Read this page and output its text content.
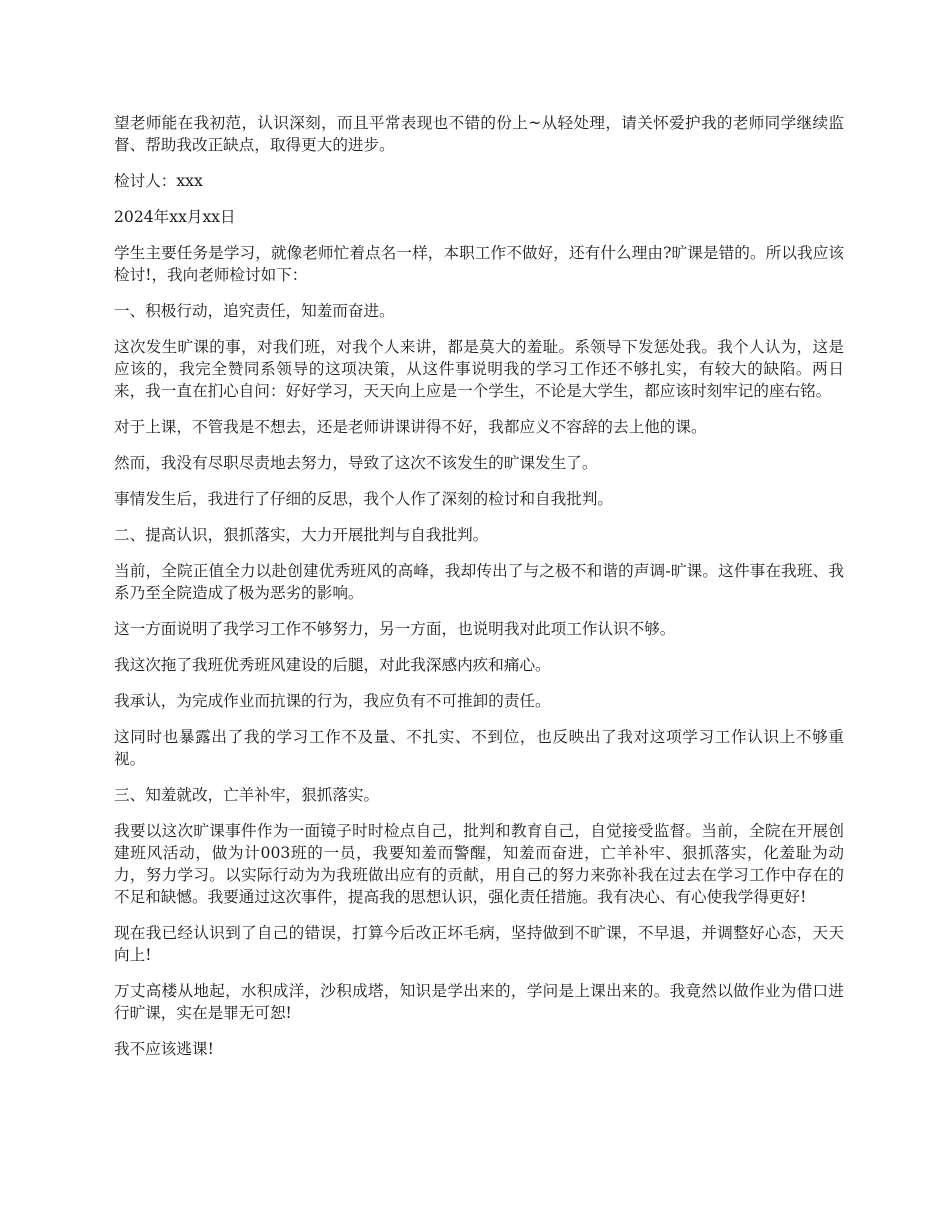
望老师能在我初范，认识深刻，而且平常表现也不错的份上~从轻处理，请关怀爱护我的老师同学继续监督、帮助我改正缺点，取得更大的进步。

检讨人：xxx

2024年xx月xx日

学生主要任务是学习，就像老师忙着点名一样，本职工作不做好，还有什么理由?旷课是错的。所以我应该检讨!，我向老师检讨如下：

一、积极行动，追究责任，知羞而奋进。

这次发生旷课的事，对我们班，对我个人来讲，都是莫大的羞耻。系领导下发惩处我。我个人认为，这是应该的，我完全赞同系领导的这项决策，从这件事说明我的学习工作还不够扎实，有较大的缺陷。两日来，我一直在扪心自问：好好学习，天天向上应是一个学生，不论是大学生，都应该时刻牢记的座右铭。

对于上课，不管我是不想去，还是老师讲课讲得不好，我都应义不容辞的去上他的课。

然而，我没有尽职尽责地去努力，导致了这次不该发生的旷课发生了。

事情发生后，我进行了仔细的反思，我个人作了深刻的检讨和自我批判。

二、提高认识，狠抓落实，大力开展批判与自我批判。

当前，全院正值全力以赴创建优秀班风的高峰，我却传出了与之极不和谐的声调-旷课。这件事在我班、我系乃至全院造成了极为恶劣的影响。

这一方面说明了我学习工作不够努力，另一方面，也说明我对此项工作认识不够。

我这次拖了我班优秀班风建设的后腿，对此我深感内疚和痛心。

我承认，为完成作业而抗课的行为，我应负有不可推卸的责任。

这同时也暴露出了我的学习工作不及量、不扎实、不到位，也反映出了我对这项学习工作认识上不够重视。

三、知羞就改，亡羊补牢，狠抓落实。

我要以这次旷课事件作为一面镜子时时检点自己，批判和教育自己，自觉接受监督。当前，全院在开展创建班风活动，做为计003班的一员，我要知羞而警醒，知羞而奋进，亡羊补牢、狠抓落实，化羞耻为动力，努力学习。以实际行动为为我班做出应有的贡献，用自己的努力来弥补我在过去在学习工作中存在的不足和缺憾。我要通过这次事件，提高我的思想认识，强化责任措施。我有决心、有心使我学得更好!

现在我已经认识到了自己的错误，打算今后改正坏毛病，坚持做到不旷课，不早退，并调整好心态，天天向上!

万丈高楼从地起，水积成洋，沙积成塔，知识是学出来的，学问是上课出来的。我竟然以做作业为借口进行旷课，实在是罪无可恕!

我不应该逃课!
